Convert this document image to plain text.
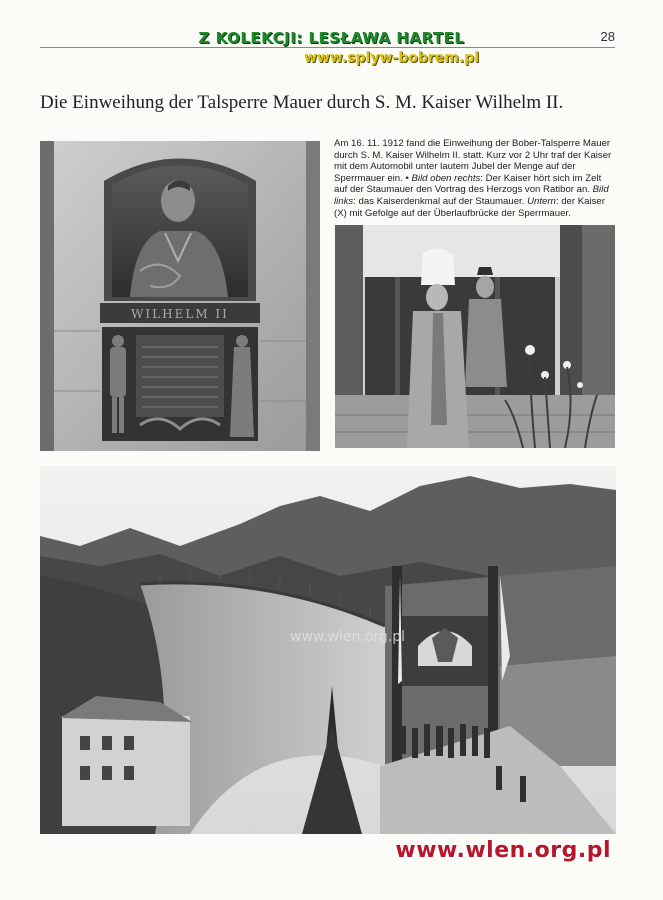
Z KOLEKCJI: LESŁAWA HARTEL
www.splyw-bobrem.pl
28
Die Einweihung der Talsperre Mauer durch S. M. Kaiser Wilhelm II.
Am 16. 11. 1912 fand die Einweihung der Bober-Talsperre Mauer durch S. M. Kaiser Wilhelm II. statt. Kurz vor 2 Uhr traf der Kaiser mit dem Automobil unter lautem Jubel der Menge auf der Sperrmauer ein. • Bild oben rechts: Der Kaiser hört sich im Zelt auf der Staumauer den Vortrag des Herzogs von Ratibor an. Bild links: das Kaiserdenkmal auf der Staumauer. Untern: der Kaiser (X) mit Gefolge auf der Überlaufbrücke der Sperrmauer.
WILHELM II
www.wlen.org.pl
www.wlen.org.pl
